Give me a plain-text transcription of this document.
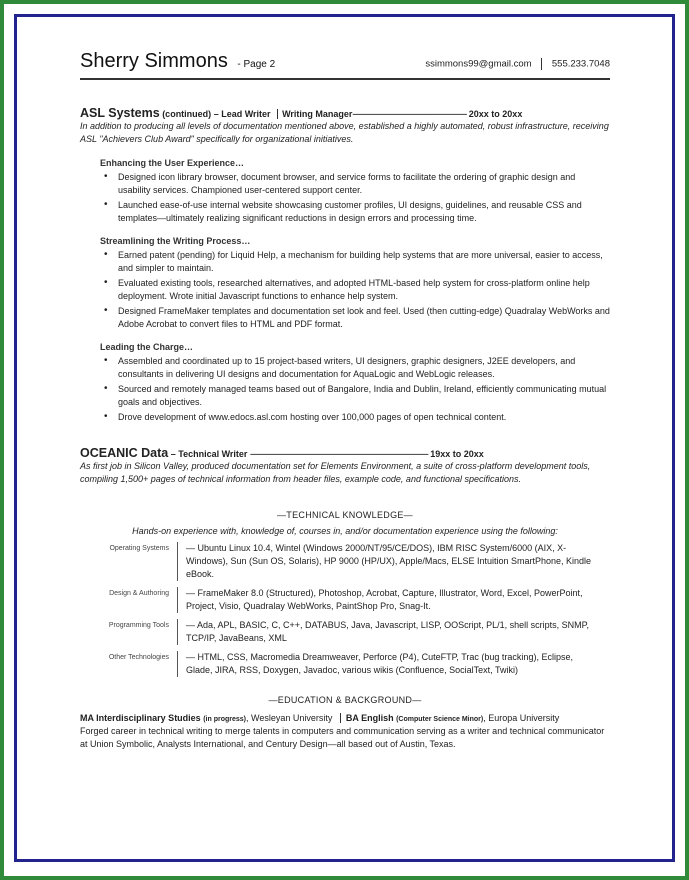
Sherry Simmons - Page 2	ssimmons99@gmail.com 555.233.7048
ASL Systems (continued) – Lead Writer Writing Manager--------------------------------------------------------- 20xx to 20xx
In addition to producing all levels of documentation mentioned above, established a highly automated, robust infrastructure, receiving ASL "Achievers Club Award" specifically for organizational initiatives.
Enhancing the User Experience…
• Designed icon library browser, document browser, and service forms to facilitate the ordering of graphic design and usability services. Championed user-centered support center.
• Launched ease-of-use internal website showcasing customer profiles, UI designs, guidelines, and reusable CSS and templates—ultimately realizing significant reductions in design errors and processing time.
Streamlining the Writing Process…
• Earned patent (pending) for Liquid Help, a mechanism for building help systems that are more universal, easier to access, and simpler to maintain.
• Evaluated existing tools, researched alternatives, and adopted HTML-based help system for cross-platform online help deployment. Wrote initial Javascript functions to enhance help system.
• Designed FrameMaker templates and documentation set look and feel. Used (then cutting-edge) Quadralay WebWorks and Adobe Acrobat to convert files to HTML and PDF format.
Leading the Charge…
• Assembled and coordinated up to 15 project-based writers, UI designers, graphic designers, J2EE developers, and consultants in delivering UI designs and documentation for AquaLogic and WebLogic releases.
• Sourced and remotely managed teams based out of Bangalore, India and Dublin, Ireland, efficiently communicating mutual goals and objectives.
• Drove development of www.edocs.asl.com hosting over 100,000 pages of open technical content.
OCEANIC Data – Technical Writer ----------------------------------------------------------------------------------------- 19xx to 20xx
As first job in Silicon Valley, produced documentation set for Elements Environment, a suite of cross-platform development tools, compiling 1,500+ pages of technical information from header files, example code, and functional specifications.
—TECHNICAL KNOWLEDGE—
Hands-on experience with, knowledge of, courses in, and/or documentation experience using the following:
Operating Systems	— Ubuntu Linux 10.4, Wintel (Windows 2000/NT/95/CE/DOS), IBM RISC System/6000 (AIX, X-Windows), Sun (Sun OS, Solaris), HP 9000 (HP/UX), Apple/Macs, ELSE Intuition SmartPhone, Kindle eBook.
Design & Authoring	— FrameMaker 8.0 (Structured), Photoshop, Acrobat, Capture, Illustrator, Word, Excel, PowerPoint, Project, Visio, Quadralay WebWorks, PaintShop Pro, Snag-It.
Programming Tools	— Ada, APL, BASIC, C, C++, DATABUS, Java, Javascript, LISP, OOScript, PL/1, shell scripts, SNMP, TCP/IP, JavaBeans, XML
Other Technologies	— HTML, CSS, Macromedia Dreamweaver, Perforce (P4), CuteFTP, Trac (bug tracking), Eclipse, Glade, JIRA, RSS, Doxygen, Javadoc, various wikis (Confluence, SocialText, Twiki)
—EDUCATION & BACKGROUND—
MA Interdisciplinary Studies (in progress), Wesleyan University BA English (Computer Science Minor), Europa University
Forged career in technical writing to merge talents in computers and communication serving as a writer and technical communicator at Union Symbolic, Analysts International, and Century Design—all based out of Austin, Texas.
